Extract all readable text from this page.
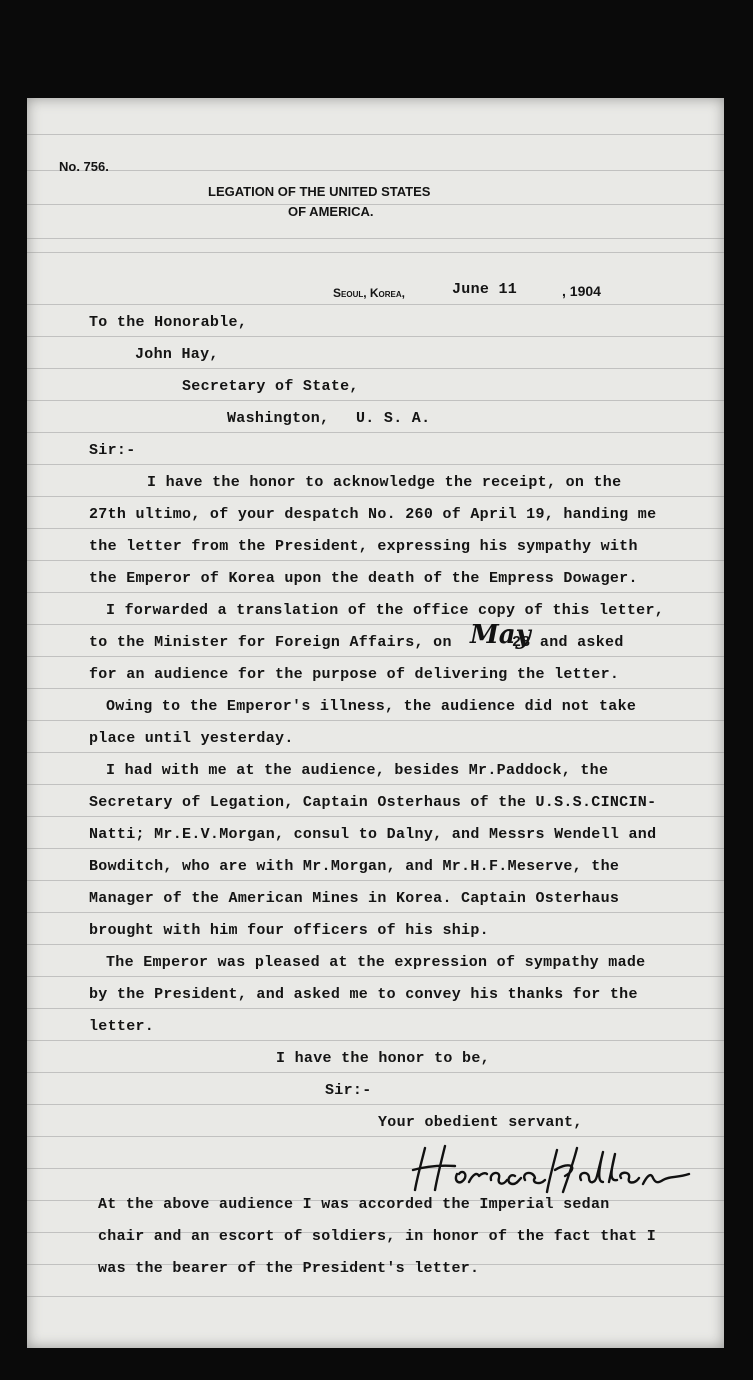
No. 756.
LEGATION OF THE UNITED STATES
OF AMERICA.
Seoul, Korea,	June 11	, 1904
To the Honorable,
John Hay,
Secretary of State,
Washington, U. S. A.
Sir:-
I have the honor to acknowledge the receipt, on the
27th ultimo, of your despatch No. 260 of April 19, handing me
the letter from the President, expressing his sympathy with
the Emperor of Korea upon the death of the Empress Dowager.
I forwarded a translation of the office copy of this letter,
to the Minister for Foreign Affairs, on May
28 and asked
for an audience for the purpose of delivering the letter.
Owing to the Emperor's illness, the audience did not take
place until yesterday.
I had with me at the audience, besides Mr.Paddock, the
Secretary of Legation, Captain Osterhaus of the U.S.S.CINCIN-
Natti; Mr.E.V.Morgan, consul to Dalny, and Messrs Wendell and
Bowditch, who are with Mr.Morgan, and Mr.H.F.Meserve, the
Manager of the American Mines in Korea. Captain Osterhaus
brought with him four officers of his ship.
The Emperor was pleased at the expression of sympathy made
by the President, and asked me to convey his thanks for the
letter.
I have the honor to be,
Sir:-
Your obedient servant,
At the above audience I was accorded the Imperial sedan
chair and an escort of soldiers, in honor of the fact that I
was the bearer of the President's letter.
